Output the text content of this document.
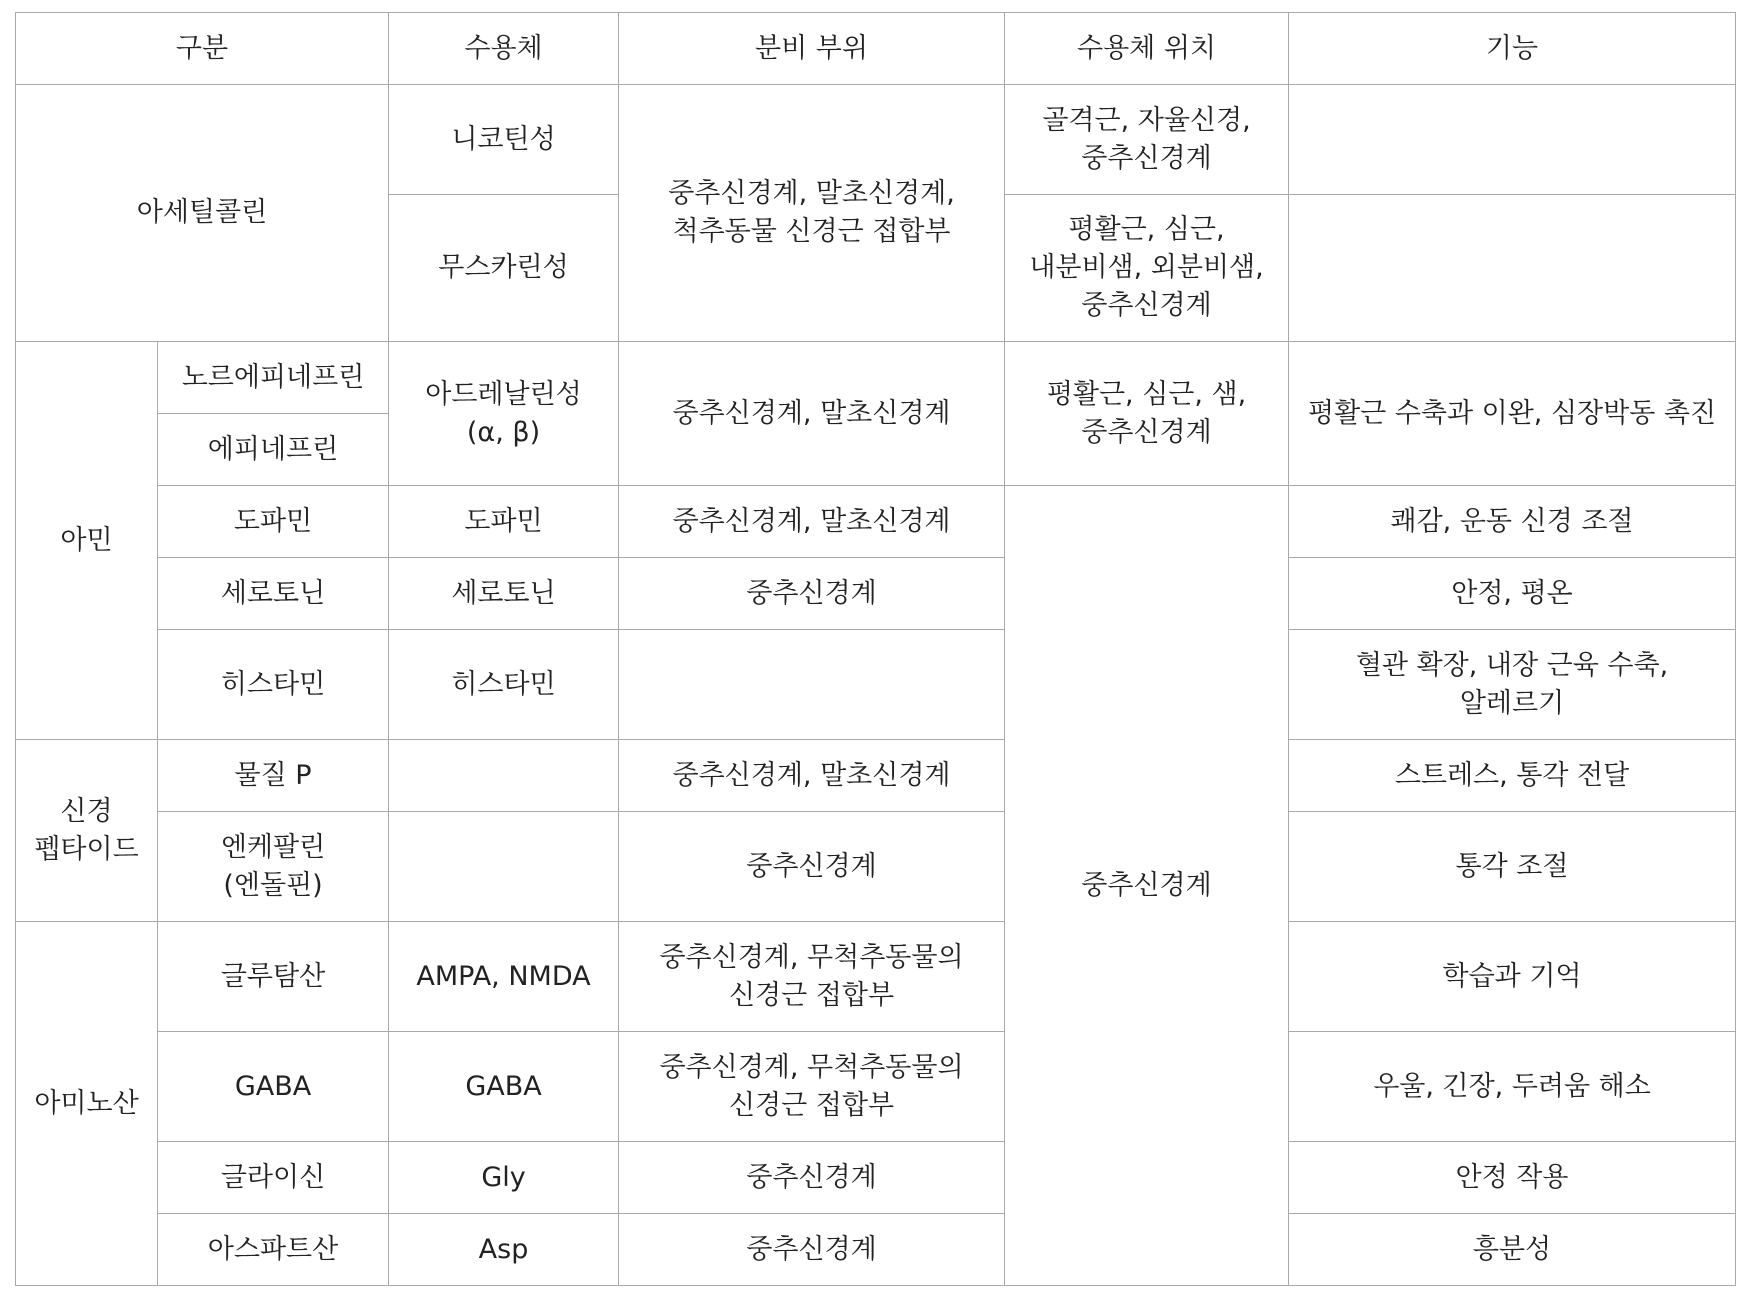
구분		수용체	분비 부위	수용체 위치	기능
아세틸콜린		니코틴성	중추신경계, 말초신경계, 척추동물 신경근 접합부	골격근, 자율신경, 중추신경계	
		무스카린성		평활근, 심근, 내분비샘, 외분비샘, 중추신경계	
아민	노르에피네프린	아드레날린성 (α, β)	중추신경계, 말초신경계	평활근, 심근, 샘, 중추신경계	평활근 수축과 이완, 심장박동 촉진
	에피네프린				
	도파민	도파민	중추신경계, 말초신경계	중추신경계	쾌감, 운동 신경 조절
	세로토닌	세로토닌	중추신경계		안정, 평온
	히스타민	히스타민			혈관 확장, 내장 근육 수축, 알레르기
신경 펩타이드	물질 P		중추신경계, 말초신경계		스트레스, 통각 전달
	엔케팔린 (엔돌핀)		중추신경계		통각 조절
아미노산	글루탐산	AMPA, NMDA	중추신경계, 무척추동물의 신경근 접합부		학습과 기억
	GABA	GABA	중추신경계, 무척추동물의 신경근 접합부		우울, 긴장, 두려움 해소
	글라이신	Gly	중추신경계		안정 작용
	아스파트산	Asp	중추신경계		흥분성
